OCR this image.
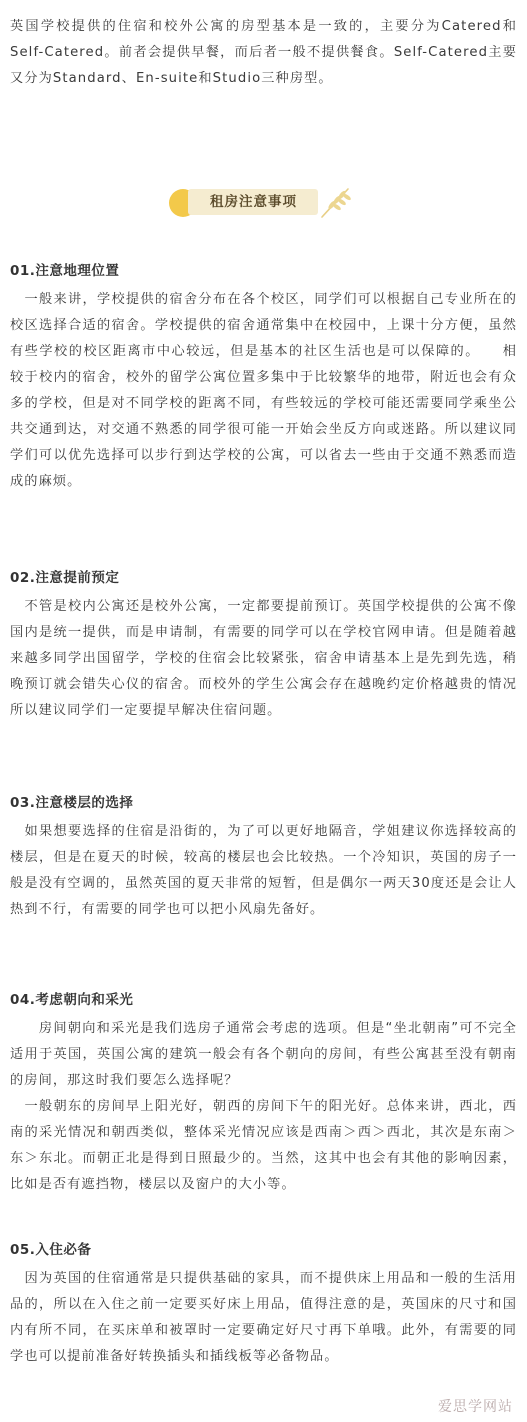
英国学校提供的住宿和校外公寓的房型基本是一致的，主要分为Catered和Self-Catered。前者会提供早餐，而后者一般不提供餐食。Self-Catered主要又分为Standard、En-suite和Studio三种房型。

租房注意事项
01.注意地理位置

　一般来讲，学校提供的宿舍分布在各个校区，同学们可以根据自己专业所在的校区选择合适的宿舍。学校提供的宿舍通常集中在校园中，上课十分方便，虽然有些学校的校区距离市中心较远，但是基本的社区生活也是可以保障的。　　相较于校内的宿舍，校外的留学公寓位置多集中于比较繁华的地带，附近也会有众多的学校，但是对不同学校的距离不同，有些较远的学校可能还需要同学乘坐公共交通到达，对交通不熟悉的同学很可能一开始会坐反方向或迷路。所以建议同学们可以优先选择可以步行到达学校的公寓，可以省去一些由于交通不熟悉而造成的麻烦。

02.注意提前预定

　不管是校内公寓还是校外公寓，一定都要提前预订。英国学校提供的公寓不像国内是统一提供，而是申请制，有需要的同学可以在学校官网申请。但是随着越来越多同学出国留学，学校的住宿会比较紧张，宿舍申请基本上是先到先选，稍晚预订就会错失心仪的宿舍。而校外的学生公寓会存在越晚约定价格越贵的情况所以建议同学们一定要提早解决住宿问题。

03.注意楼层的选择

　如果想要选择的住宿是沿街的，为了可以更好地隔音，学姐建议你选择较高的楼层，但是在夏天的时候，较高的楼层也会比较热。一个冷知识，英国的房子一般是没有空调的，虽然英国的夏天非常的短暂，但是偶尔一两天30度还是会让人热到不行，有需要的同学也可以把小风扇先备好。

04.考虑朝向和采光

　　房间朝向和采光是我们选房子通常会考虑的选项。但是“坐北朝南”可不完全适用于英国，英国公寓的建筑一般会有各个朝向的房间，有些公寓甚至没有朝南的房间，那这时我们要怎么选择呢？

　一般朝东的房间早上阳光好，朝西的房间下午的阳光好。总体来讲，西北，西南的采光情况和朝西类似，整体采光情况应该是西南＞西＞西北，其次是东南＞东＞东北。而朝正北是得到日照最少的。当然，这其中也会有其他的影响因素，比如是否有遮挡物，楼层以及窗户的大小等。

05.入住必备

　因为英国的住宿通常是只提供基础的家具，而不提供床上用品和一般的生活用品的，所以在入住之前一定要买好床上用品，值得注意的是，英国床的尺寸和国内有所不同，在买床单和被罩时一定要确定好尺寸再下单哦。此外，有需要的同学也可以提前准备好转换插头和插线板等必备物品。

爱思学网站
